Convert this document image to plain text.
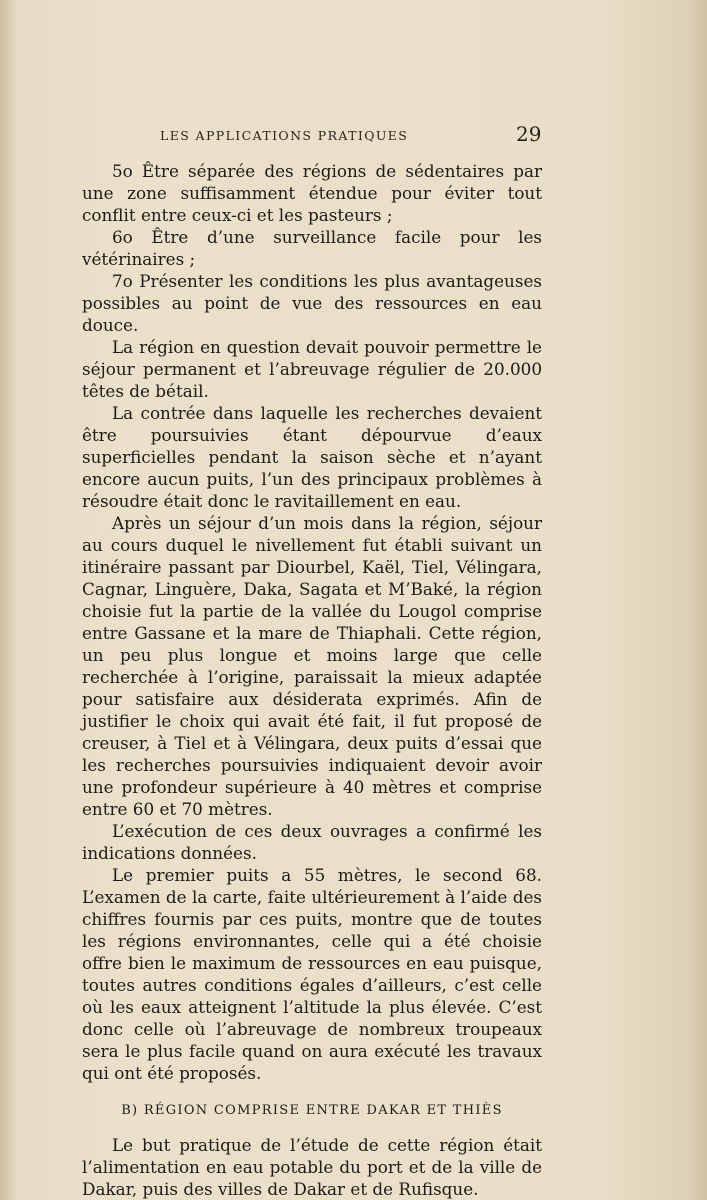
LES APPLICATIONS PRATIQUES	29

5o Être séparée des régions de sédentaires par une zone suffisamment étendue pour éviter tout conflit entre ceux-ci et les pasteurs ;

6o Être d’une surveillance facile pour les vétérinaires ;

7o Présenter les conditions les plus avantageuses possibles au point de vue des ressources en eau douce.

La région en question devait pouvoir permettre le séjour permanent et l’abreuvage régulier de 20.000 têtes de bétail.

La contrée dans laquelle les recherches devaient être poursuivies étant dépourvue d’eaux superficielles pendant la saison sèche et n’ayant encore aucun puits, l’un des principaux problèmes à résoudre était donc le ravitaillement en eau.

Après un séjour d’un mois dans la région, séjour au cours duquel le nivellement fut établi suivant un itinéraire passant par Diourbel, Kaël, Tiel, Vélingara, Cagnar, Linguère, Daka, Sagata et M’Baké, la région choisie fut la partie de la vallée du Lougol comprise entre Gassane et la mare de Thiaphali. Cette région, un peu plus longue et moins large que celle recherchée à l’origine, paraissait la mieux adaptée pour satisfaire aux désiderata exprimés. Afin de justifier le choix qui avait été fait, il fut proposé de creuser, à Tiel et à Vélingara, deux puits d’essai que les recherches poursuivies indiquaient devoir avoir une profondeur supérieure à 40 mètres et comprise entre 60 et 70 mètres.

L’exécution de ces deux ouvrages a confirmé les indications données.

Le premier puits a 55 mètres, le second 68. L’examen de la carte, faite ultérieurement à l’aide des chiffres fournis par ces puits, montre que de toutes les régions environnantes, celle qui a été choisie offre bien le maximum de ressources en eau puisque, toutes autres conditions égales d’ailleurs, c’est celle où les eaux atteignent l’altitude la plus élevée. C’est donc celle où l’abreuvage de nombreux troupeaux sera le plus facile quand on aura exécuté les travaux qui ont été proposés.

B) RÉGION COMPRISE ENTRE DAKAR ET THIÈS

Le but pratique de l’étude de cette région était l’alimentation en eau potable du port et de la ville de Dakar, puis des villes de Dakar et de Rufisque.
